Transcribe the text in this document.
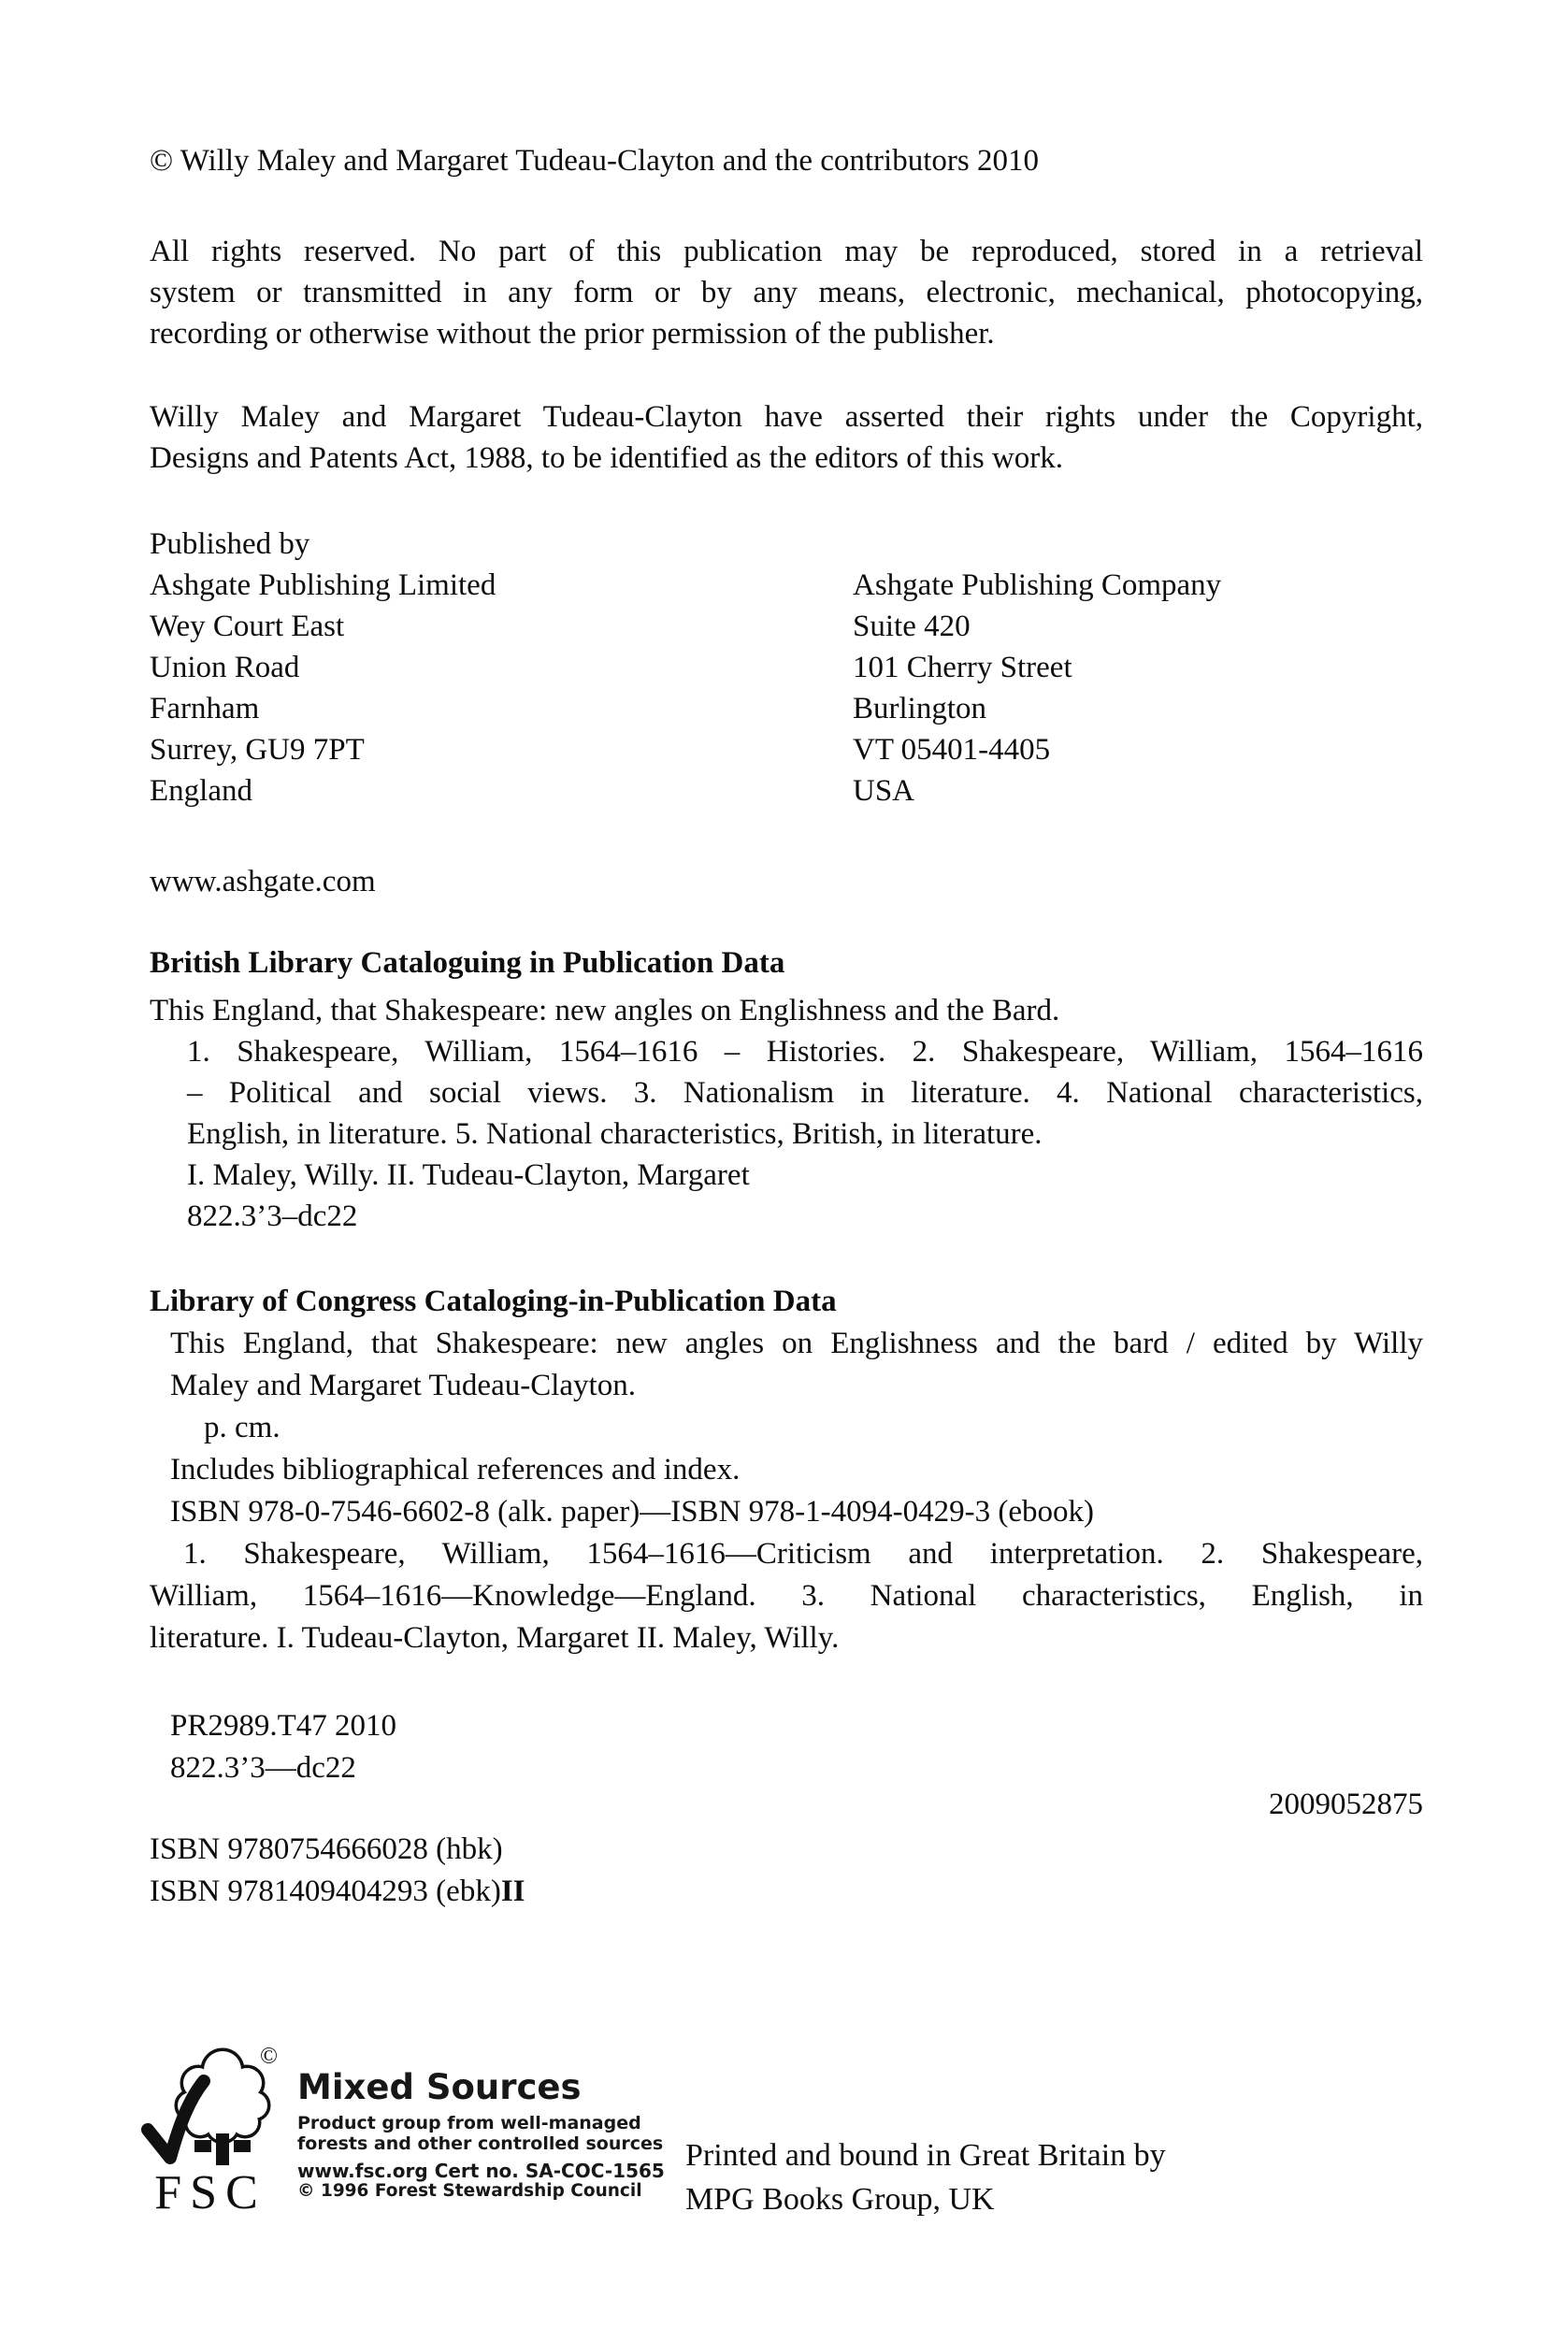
© Willy Maley and Margaret Tudeau-Clayton and the contributors 2010
All rights reserved. No part of this publication may be reproduced, stored in a retrieval
system or transmitted in any form or by any means, electronic, mechanical, photocopying,
recording or otherwise without the prior permission of the publisher.
Willy Maley and Margaret Tudeau-Clayton have asserted their rights under the Copyright,
Designs and Patents Act, 1988, to be identified as the editors of this work.
Published by
Ashgate Publishing Limited
Wey Court East
Union Road
Farnham
Surrey, GU9 7PT
England
Ashgate Publishing Company
Suite 420
101 Cherry Street
Burlington
VT 05401-4405
USA
www.ashgate.com
British Library Cataloguing in Publication Data
This England, that Shakespeare: new angles on Englishness and the Bard.
1. Shakespeare, William, 1564–1616 – Histories. 2. Shakespeare, William, 1564–1616
– Political and social views. 3. Nationalism in literature. 4. National characteristics,
English, in literature. 5. National characteristics, British, in literature.
I. Maley, Willy. II. Tudeau-Clayton, Margaret
822.3’3–dc22
Library of Congress Cataloging-in-Publication Data
This England, that Shakespeare: new angles on Englishness and the bard / edited by Willy
Maley and Margaret Tudeau-Clayton.
p. cm.
Includes bibliographical references and index.
ISBN 978-0-7546-6602-8 (alk. paper)—ISBN 978-1-4094-0429-3 (ebook)
1. Shakespeare, William, 1564–1616—Criticism and interpretation. 2. Shakespeare,
William, 1564–1616—Knowledge—England. 3. National characteristics, English, in
literature. I. Tudeau-Clayton, Margaret II. Maley, Willy.
PR2989.T47 2010
822.3’3—dc22
2009052875
ISBN 9780754666028 (hbk)
ISBN 9781409404293 (ebk)II
©
FSC
Mixed Sources
Product group from well-managed
forests and other controlled sources
www.fsc.org Cert no. SA-COC-1565
© 1996 Forest Stewardship Council
Printed and bound in Great Britain by
MPG Books Group, UK
